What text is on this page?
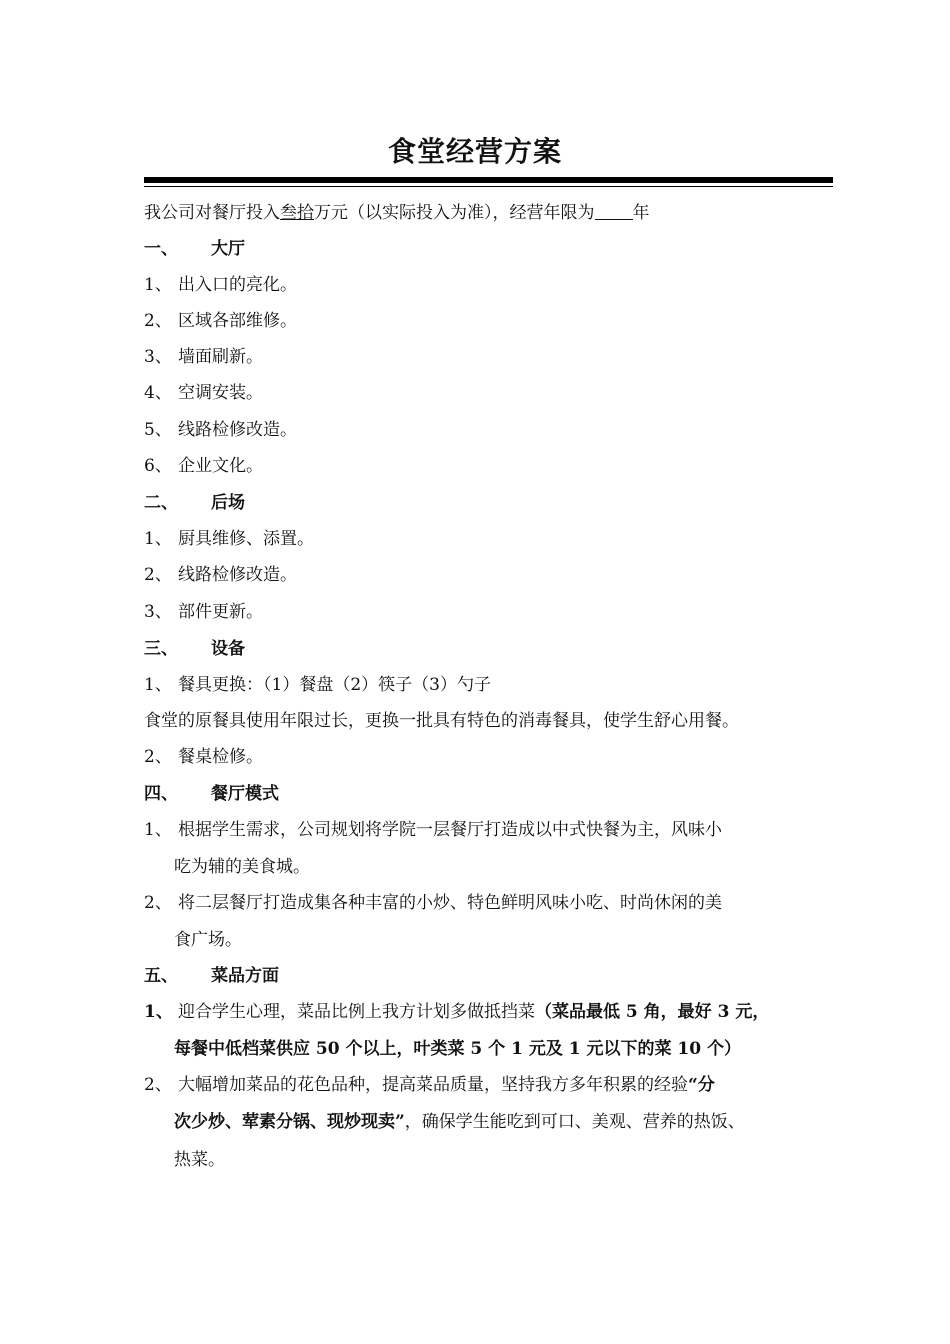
食堂经营方案
我公司对餐厅投入叁拾万元（以实际投入为准），经营年限为 年
一、 大厅
1、 出入口的亮化。
2、 区域各部维修。
3、 墙面刷新。
4、 空调安装。
5、 线路检修改造。
6、 企业文化。
二、 后场
1、 厨具维修、添置。
2、 线路检修改造。
3、 部件更新。
三、 设备
1、 餐具更换：（1）餐盘（2）筷子（3）勺子
食堂的原餐具使用年限过长，更换一批具有特色的消毒餐具，使学生舒心用餐。
2、 餐桌检修。
四、 餐厅模式
1、 根据学生需求，公司规划将学院一层餐厅打造成以中式快餐为主，风味小
吃为辅的美食城。
2、 将二层餐厅打造成集各种丰富的小炒、特色鲜明风味小吃、时尚休闲的美
食广场。
五、 菜品方面
1、 迎合学生心理，菜品比例上我方计划多做抵挡菜（菜品最低 5 角，最好 3 元，
每餐中低档菜供应 50 个以上，叶类菜 5 个 1 元及 1 元以下的菜 10 个）
2、 大幅增加菜品的花色品种，提高菜品质量，坚持我方多年积累的经验“分
次少炒、荤素分锅、现炒现卖”，确保学生能吃到可口、美观、营养的热饭、
热菜。
